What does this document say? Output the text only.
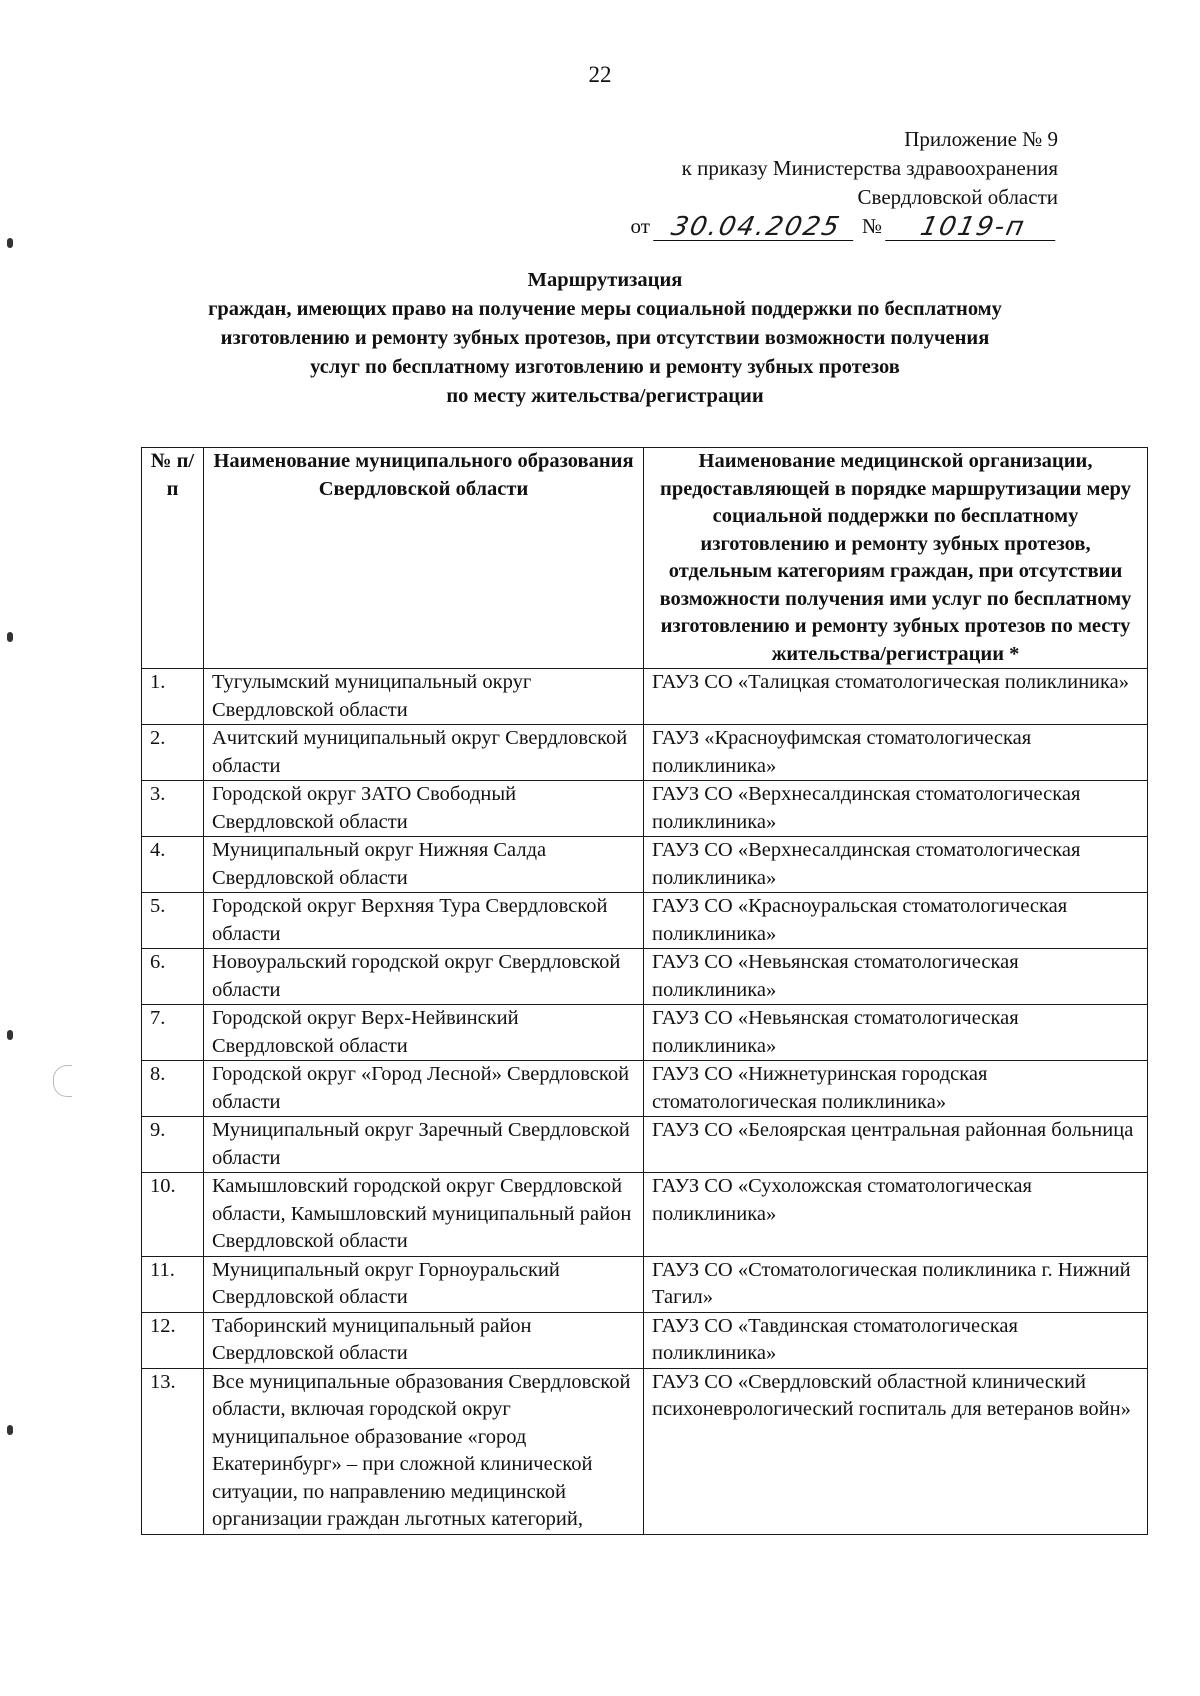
22
Приложение № 9
к приказу Министерства здравоохранения
Свердловской области
от 30.04.2025 №	1019-п
Маршрутизация
граждан, имеющих право на получение меры социальной поддержки по бесплатному
изготовлению и ремонту зубных протезов, при отсутствии возможности получения
услуг по бесплатному изготовлению и ремонту зубных протезов
по месту жительства/регистрации
№ п/п	Наименование муниципального образования Свердловской области	Наименование медицинской организации, предоставляющей в порядке маршрутизации меру социальной поддержки по бесплатному изготовлению и ремонту зубных протезов, отдельным категориям граждан, при отсутствии возможности получения ими услуг по бесплатному изготовлению и ремонту зубных протезов по месту жительства/регистрации *
1.	Тугулымский муниципальный округ Свердловской области	ГАУЗ СО «Талицкая стоматологическая поликлиника»
2.	Ачитский муниципальный округ Свердловской области	ГАУЗ «Красноуфимская стоматологическая поликлиника»
3.	Городской округ ЗАТО Свободный Свердловской области	ГАУЗ СО «Верхнесалдинская стоматологическая поликлиника»
4.	Муниципальный округ Нижняя Салда Свердловской области	ГАУЗ СО «Верхнесалдинская стоматологическая поликлиника»
5.	Городской округ Верхняя Тура Свердловской области	ГАУЗ СО «Красноуральская стоматологическая поликлиника»
6.	Новоуральский городской округ Свердловской области	ГАУЗ СО «Невьянская стоматологическая поликлиника»
7.	Городской округ Верх-Нейвинский Свердловской области	ГАУЗ СО «Невьянская стоматологическая поликлиника»
8.	Городской округ «Город Лесной» Свердловской области	ГАУЗ СО «Нижнетуринская городская стоматологическая поликлиника»
9.	Муниципальный округ Заречный Свердловской области	ГАУЗ СО «Белоярская центральная районная больница
10.	Камышловский городской округ Свердловской области, Камышловский муниципальный район Свердловской области	ГАУЗ СО «Сухоложская стоматологическая поликлиника»
11.	Муниципальный округ Горноуральский Свердловской области	ГАУЗ СО «Стоматологическая поликлиника г. Нижний Тагил»
12.	Таборинский муниципальный район Свердловской области	ГАУЗ СО «Тавдинская стоматологическая поликлиника»
13.	Все муниципальные образования Свердловской области, включая городской округ муниципальное образование «город Екатеринбург» – при сложной клинической ситуации, по направлению медицинской организации граждан льготных категорий,	ГАУЗ СО «Свердловский областной клинический психоневрологический госпиталь для ветеранов войн»
